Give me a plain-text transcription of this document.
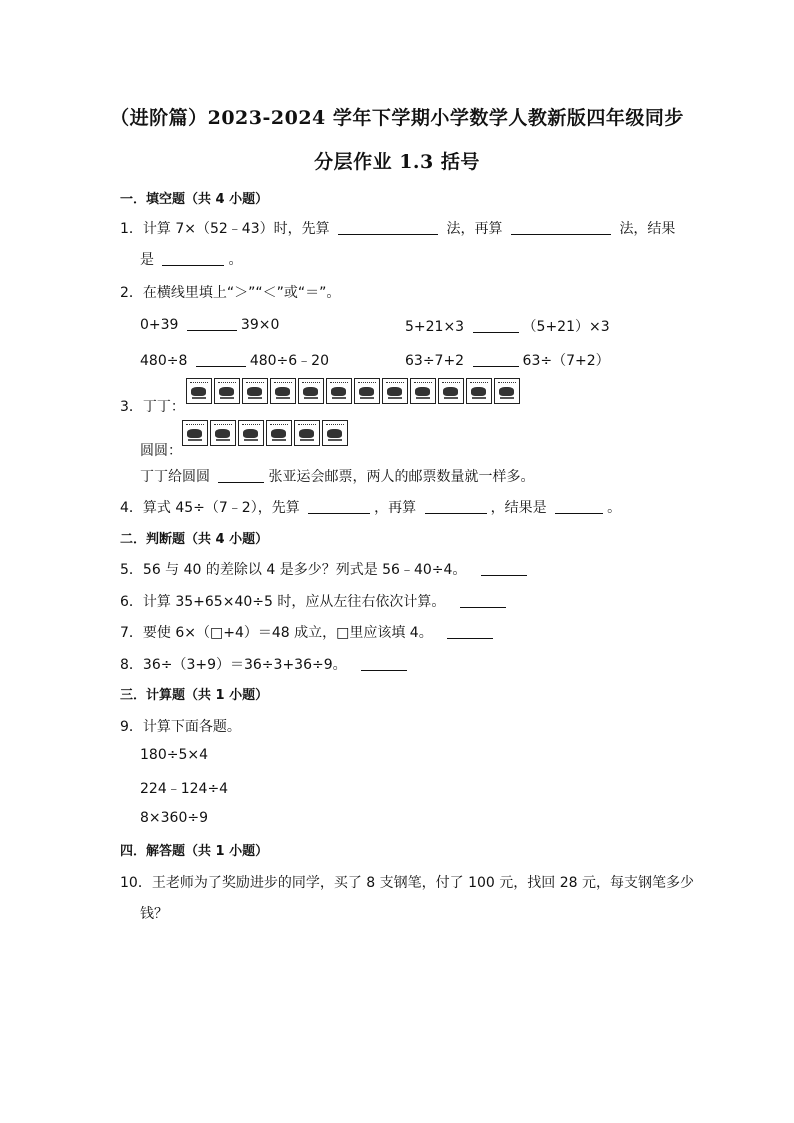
（进阶篇）2023-2024 学年下学期小学数学人教新版四年级同步
分层作业 1.3 括号
一．填空题（共 4 小题）
1．计算 7×（52﹣43）时，先算	法，再算	法，结果
是	。
2．在横线里填上“＞”“＜”或“＝”。
0+39	39×0	5+21×3	（5+21）×3
480÷8	480÷6﹣20	63÷7+2	63÷（7+2）
3．丁丁：
圆圆：
丁丁给圆圆	张亚运会邮票，两人的邮票数量就一样多。
4．算式 45÷（7﹣2），先算	，再算	，结果是	。
二．判断题（共 4 小题）
5．56 与 40 的差除以 4 是多少？列式是 56﹣40÷4。
6．计算 35+65×40÷5 时，应从左往右依次计算。
7．要使 6×（□+4）＝48 成立，□里应该填 4。
8．36÷（3+9）＝36÷3+36÷9。
三．计算题（共 1 小题）
9．计算下面各题。
180÷5×4
224﹣124÷4
8×360÷9
四．解答题（共 1 小题）
10．王老师为了奖励进步的同学，买了 8 支钢笔，付了 100 元，找回 28 元，每支钢笔多少
钱？
